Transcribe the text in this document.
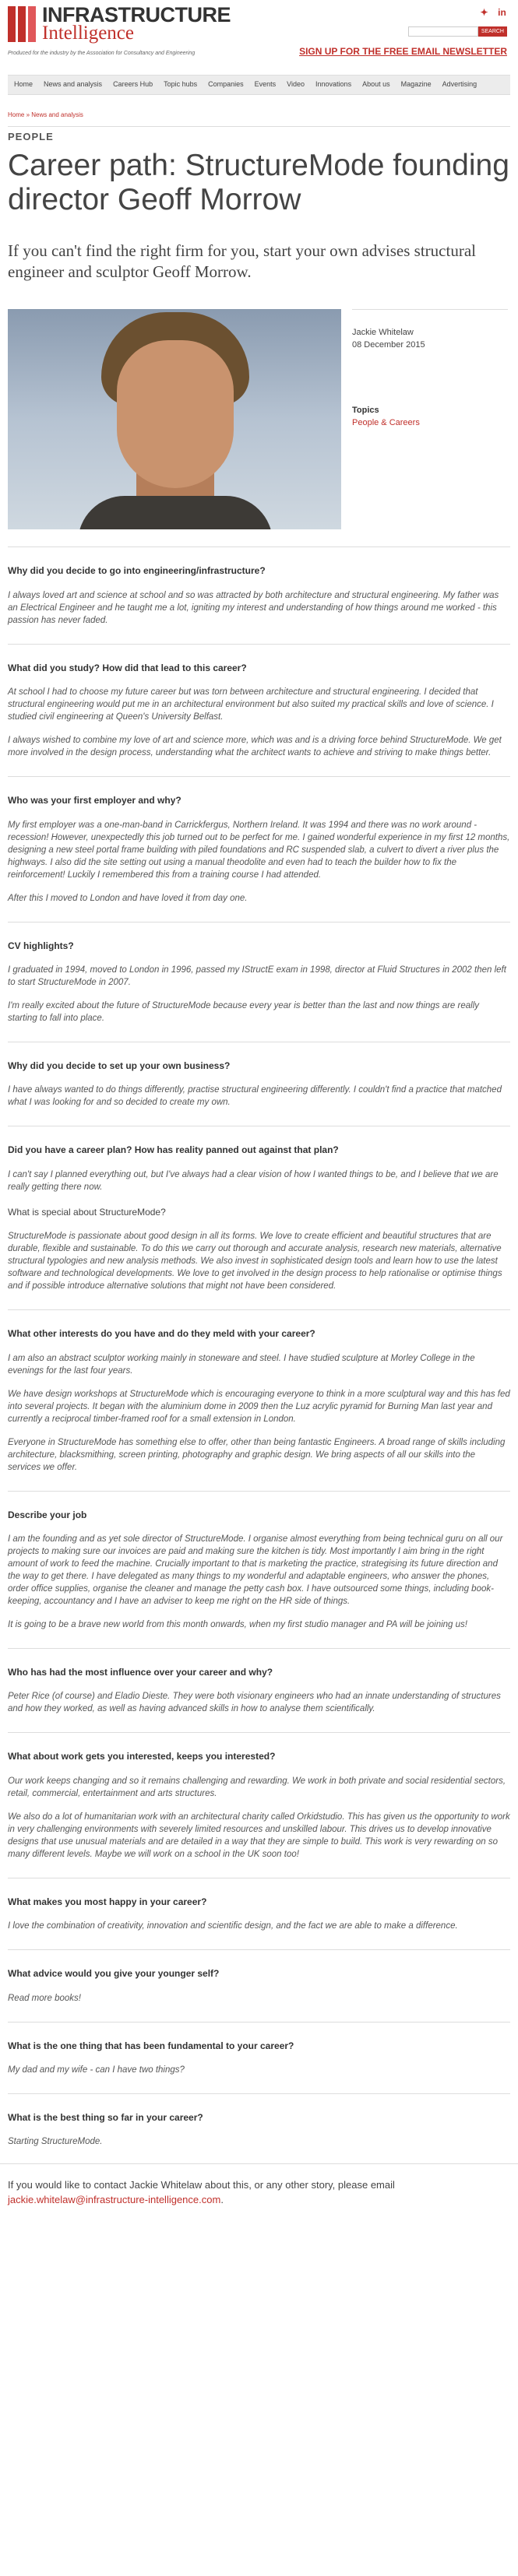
INFRASTRUCTURE
Intelligence
Produced for the industry by the Association for Consultancy and Engineering
✦ in
SEARCH
SIGN UP FOR THE FREE EMAIL NEWSLETTER
Home News and analysis Careers Hub Topic hubs Companies Events Video Innovations About us Magazine Advertising
Home » News and analysis
PEOPLE
Career path: StructureMode founding director Geoff Morrow
If you can't find the right firm for you, start your own advises structural engineer and sculptor Geoff Morrow.
Jackie Whitelaw
08 December 2015
Topics
People & Careers
Why did you decide to go into engineering/infrastructure?
I always loved art and science at school and so was attracted by both architecture and structural engineering. My father was an Electrical Engineer and he taught me a lot, igniting my interest and understanding of how things around me worked - this passion has never faded.
What did you study? How did that lead to this career?
At school I had to choose my future career but was torn between architecture and structural engineering. I decided that structural engineering would put me in an architectural environment but also suited my practical skills and love of science. I studied civil engineering at Queen's University Belfast.
I always wished to combine my love of art and science more, which was and is a driving force behind StructureMode. We get more involved in the design process, understanding what the architect wants to achieve and striving to make things better.
Who was your first employer and why?
My first employer was a one-man-band in Carrickfergus, Northern Ireland. It was 1994 and there was no work around - recession! However, unexpectedly this job turned out to be perfect for me. I gained wonderful experience in my first 12 months, designing a new steel portal frame building with piled foundations and RC suspended slab, a culvert to divert a river plus the highways. I also did the site setting out using a manual theodolite and even had to teach the builder how to fix the reinforcement! Luckily I remembered this from a training course I had attended.
After this I moved to London and have loved it from day one.
CV highlights?
I graduated in 1994, moved to London in 1996, passed my IStructE exam in 1998, director at Fluid Structures in 2002 then left to start StructureMode in 2007.
I'm really excited about the future of StructureMode because every year is better than the last and now things are really starting to fall into place.
Why did you decide to set up your own business?
I have always wanted to do things differently, practise structural engineering differently. I couldn't find a practice that matched what I was looking for and so decided to create my own.
Did you have a career plan? How has reality panned out against that plan?
I can't say I planned everything out, but I've always had a clear vision of how I wanted things to be, and I believe that we are really getting there now.
What is special about StructureMode?
StructureMode is passionate about good design in all its forms. We love to create efficient and beautiful structures that are durable, flexible and sustainable. To do this we carry out thorough and accurate analysis, research new materials, alternative structural typologies and new analysis methods. We also invest in sophisticated design tools and learn how to use the latest software and technological developments. We love to get involved in the design process to help rationalise or optimise things and if possible introduce alternative solutions that might not have been considered.
What other interests do you have and do they meld with your career?
I am also an abstract sculptor working mainly in stoneware and steel. I have studied sculpture at Morley College in the evenings for the last four years.
We have design workshops at StructureMode which is encouraging everyone to think in a more sculptural way and this has fed into several projects. It began with the aluminium dome in 2009 then the Luz acrylic pyramid for Burning Man last year and currently a reciprocal timber-framed roof for a small extension in London.
Everyone in StructureMode has something else to offer, other than being fantastic Engineers. A broad range of skills including architecture, blacksmithing, screen printing, photography and graphic design. We bring aspects of all our skills into the services we offer.
Describe your job
I am the founding and as yet sole director of StructureMode. I organise almost everything from being technical guru on all our projects to making sure our invoices are paid and making sure the kitchen is tidy. Most importantly I aim bring in the right amount of work to feed the machine. Crucially important to that is marketing the practice, strategising its future direction and the way to get there. I have delegated as many things to my wonderful and adaptable engineers, who answer the phones, order office supplies, organise the cleaner and manage the petty cash box. I have outsourced some things, including book-keeping, accountancy and I have an adviser to keep me right on the HR side of things.
It is going to be a brave new world from this month onwards, when my first studio manager and PA will be joining us!
Who has had the most influence over your career and why?
Peter Rice (of course) and Eladio Dieste. They were both visionary engineers who had an innate understanding of structures and how they worked, as well as having advanced skills in how to analyse them scientifically.
What about work gets you interested, keeps you interested?
Our work keeps changing and so it remains challenging and rewarding. We work in both private and social residential sectors, retail, commercial, entertainment and arts structures.
We also do a lot of humanitarian work with an architectural charity called Orkidstudio. This has given us the opportunity to work in very challenging environments with severely limited resources and unskilled labour. This drives us to develop innovative designs that use unusual materials and are detailed in a way that they are simple to build. This work is very rewarding on so many different levels. Maybe we will work on a school in the UK soon too!
What makes you most happy in your career?
I love the combination of creativity, innovation and scientific design, and the fact we are able to make a difference.
What advice would you give your younger self?
Read more books!
What is the one thing that has been fundamental to your career?
My dad and my wife - can I have two things?
What is the best thing so far in your career?
Starting StructureMode.
If you would like to contact Jackie Whitelaw about this, or any other story, please email jackie.whitelaw@infrastructure-intelligence.com.
